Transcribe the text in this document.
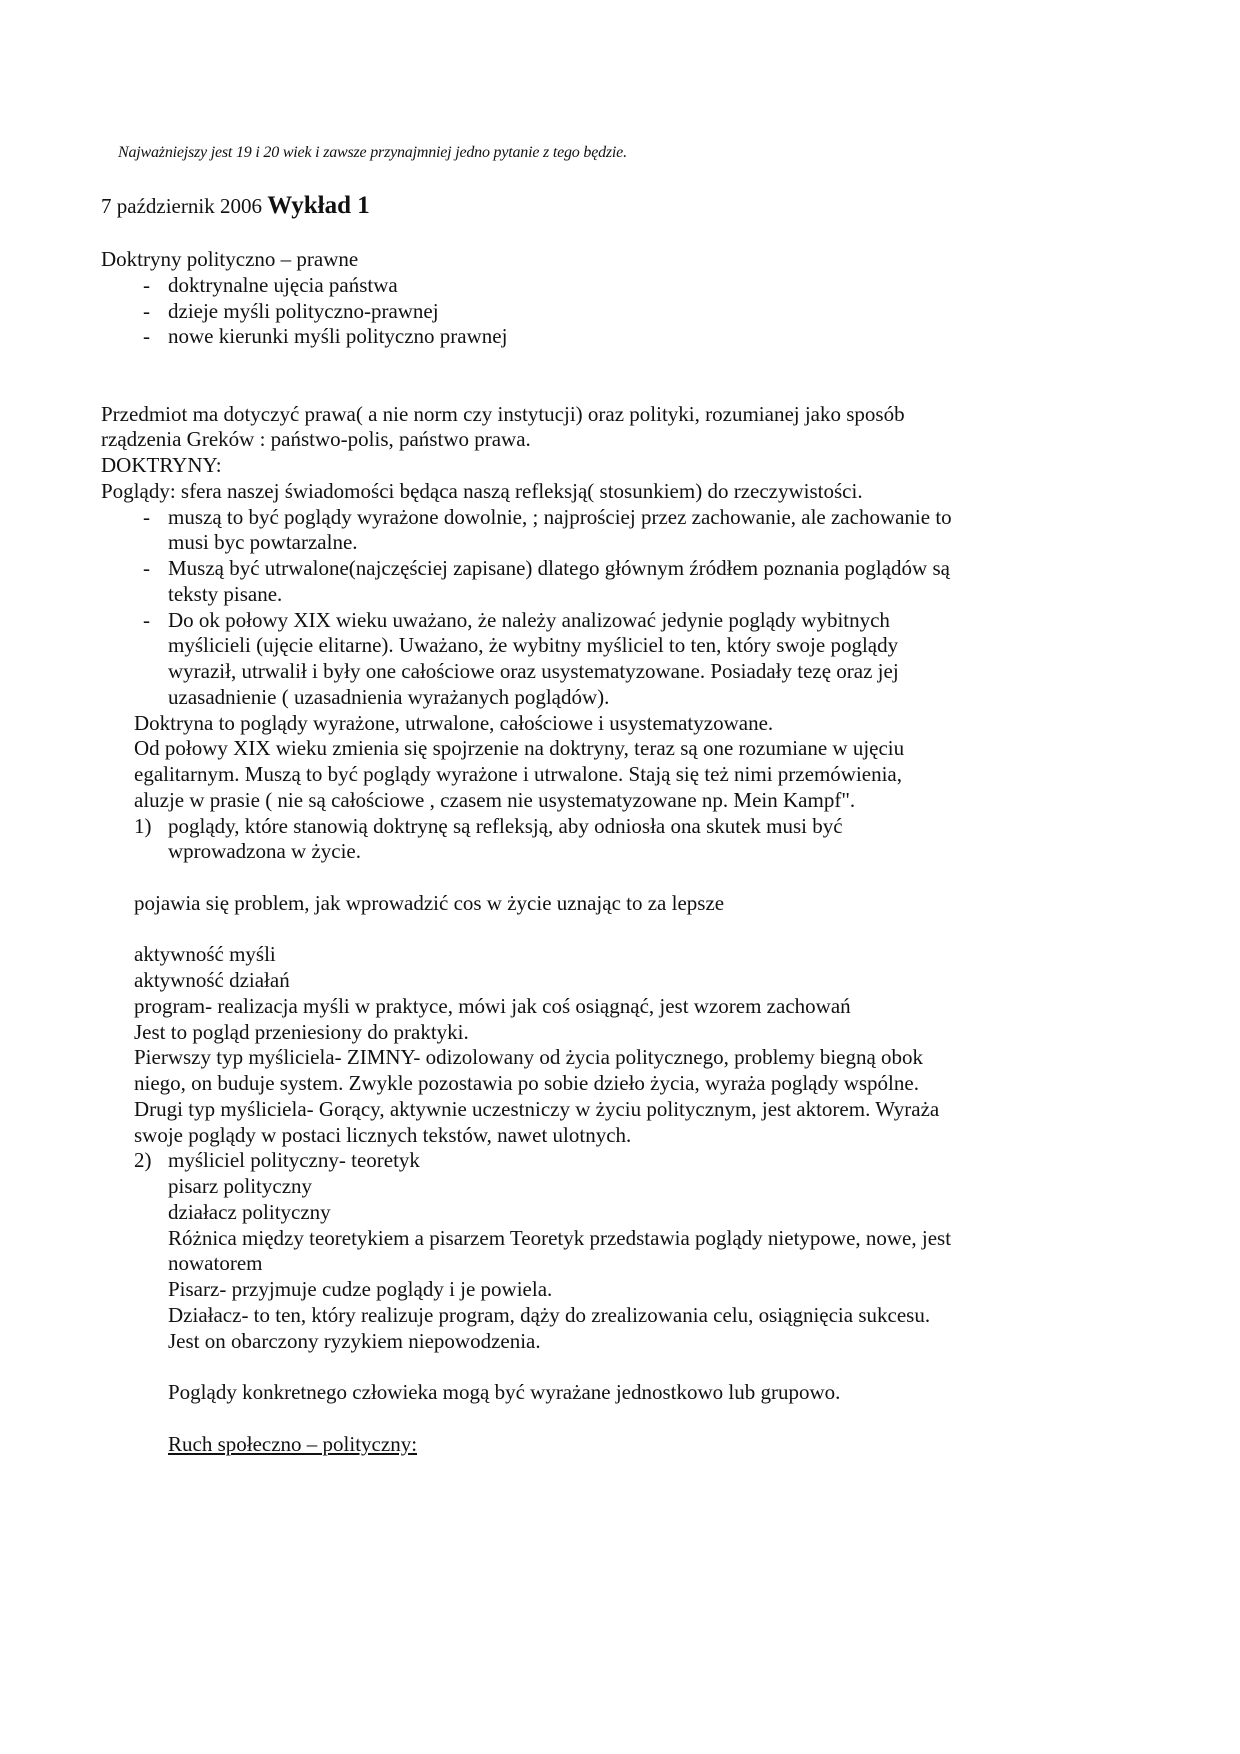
Najważniejszy jest 19 i 20 wiek i zawsze przynajmniej jedno pytanie z tego będzie.
7 październik 2006 Wykład 1
Doktryny polityczno – prawne
doktrynalne ujęcia państwa
-
dzieje myśli polityczno-prawnej
-
nowe kierunki myśli polityczno prawnej
-
Przedmiot ma dotyczyć prawa( a nie norm czy instytucji) oraz polityki, rozumianej jako sposób
rządzenia Greków : państwo-polis, państwo prawa.
DOKTRYNY:
Poglądy: sfera naszej świadomości będąca naszą refleksją( stosunkiem) do rzeczywistości.
muszą to być poglądy wyrażone dowolnie, ; najprościej przez zachowanie, ale zachowanie to
-
musi byc powtarzalne.
Muszą być utrwalone(najczęściej zapisane) dlatego głównym źródłem poznania poglądów są
-
teksty pisane.
Do ok połowy XIX wieku uważano, że należy analizować jedynie poglądy wybitnych
-
myślicieli (ujęcie elitarne). Uważano, że wybitny myśliciel to ten, który swoje poglądy
wyraził, utrwalił i były one całościowe oraz usystematyzowane. Posiadały tezę oraz jej
uzasadnienie ( uzasadnienia wyrażanych poglądów).
Doktryna to poglądy wyrażone, utrwalone, całościowe i usystematyzowane.
Od połowy XIX wieku zmienia się spojrzenie na doktryny, teraz są one rozumiane w ujęciu
egalitarnym. Muszą to być poglądy wyrażone i utrwalone. Stają się też nimi przemówienia,
aluzje w prasie ( nie są całościowe , czasem nie usystematyzowane np. Mein Kampf".
poglądy, które stanowią doktrynę są refleksją, aby odniosła ona skutek musi być
1)
wprowadzona w życie.
pojawia się problem, jak wprowadzić cos w życie uznając to za lepsze
aktywność myśli
aktywność działań
program- realizacja myśli w praktyce, mówi jak coś osiągnąć, jest wzorem zachowań
Jest to pogląd przeniesiony do praktyki.
Pierwszy typ myśliciela- ZIMNY- odizolowany od życia politycznego, problemy biegną obok
niego, on buduje system. Zwykle pozostawia po sobie dzieło życia, wyraża poglądy wspólne.
Drugi typ myśliciela- Gorący, aktywnie uczestniczy w życiu politycznym, jest aktorem. Wyraża
swoje poglądy w postaci licznych tekstów, nawet ulotnych.
myśliciel polityczny- teoretyk
2)
pisarz polityczny
działacz polityczny
Różnica między teoretykiem a pisarzem Teoretyk przedstawia poglądy nietypowe, nowe, jest
nowatorem
Pisarz- przyjmuje cudze poglądy i je powiela.
Działacz- to ten, który realizuje program, dąży do zrealizowania celu, osiągnięcia sukcesu.
Jest on obarczony ryzykiem niepowodzenia.
Poglądy konkretnego człowieka mogą być wyrażane jednostkowo lub grupowo.
Ruch społeczno – polityczny:
